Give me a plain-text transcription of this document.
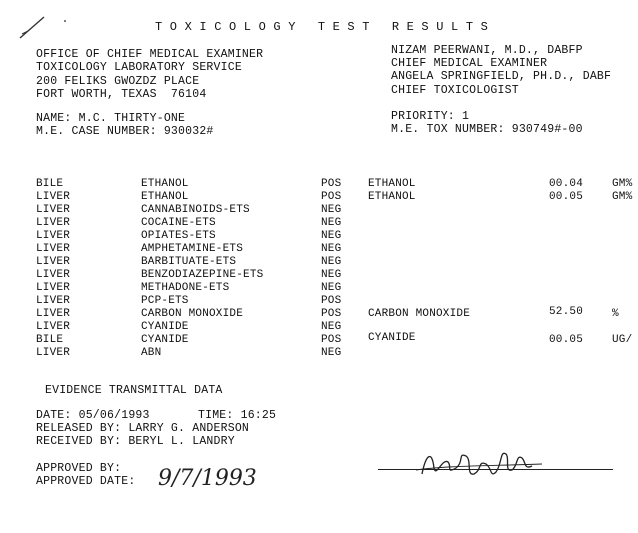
TOXICOLOGY TEST RESULTS
OFFICE OF CHIEF MEDICAL EXAMINER
TOXICOLOGY LABORATORY SERVICE
200 FELIKS GWOZDZ PLACE
FORT WORTH, TEXAS  76104
NIZAM PEERWANI, M.D., DABFP
CHIEF MEDICAL EXAMINER
ANGELA SPRINGFIELD, PH.D., DABF
CHIEF TOXICOLOGIST
NAME: M.C. THIRTY-ONE
M.E. CASE NUMBER: 930032#
PRIORITY: 1
M.E. TOX NUMBER: 930749#-00
BILE	ETHANOL	POS ETHANOL	00.04	GM%
LIVER	ETHANOL	POS ETHANOL	00.05	GM%
LIVER	CANNABINOIDS-ETS	NEG
LIVER	COCAINE-ETS	NEG
LIVER	OPIATES-ETS	NEG
LIVER	AMPHETAMINE-ETS	NEG
LIVER	BARBITUATE-ETS	NEG
LIVER	BENZODIAZEPINE-ETS	NEG
LIVER	METHADONE-ETS	NEG
LIVER	PCP-ETS	POS
LIVER	CARBON MONOXIDE	POS CARBON MONOXIDE	52.50	%
LIVER	CYANIDE	NEG
BILE	CYANIDE	POS CYANIDE	00.05	UG/
LIVER	ABN	NEG
EVIDENCE TRANSMITTAL DATA
DATE: 05/06/1993	TIME: 16:25
RELEASED BY: LARRY G. ANDERSON
RECEIVED BY: BERYL L. LANDRY
APPROVED BY:
APPROVED DATE: 9/7/1993
